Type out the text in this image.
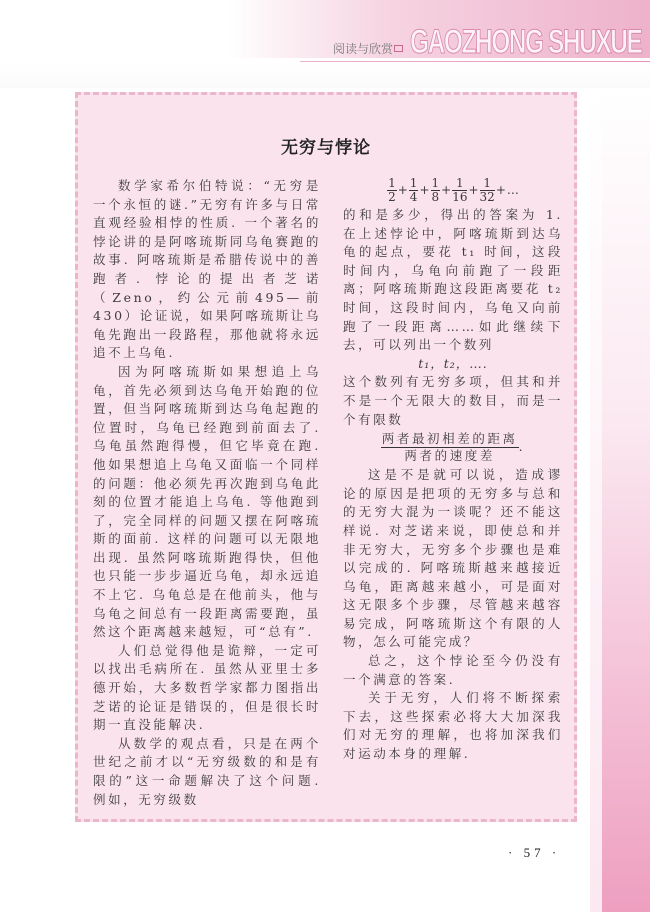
阅读与欣赏 GAOZHONG SHUXUE
无穷与悖论

数学家希尔伯特说：“无穷是一个永恒的谜.”无穷有许多与日常直观经验相悖的性质. 一个著名的悖论讲的是阿喀琉斯同乌龟赛跑的故事. 阿喀琉斯是希腊传说中的善跑者. 悖论的提出者芝诺（Zeno，约公元前495—前430）论证说，如果阿喀琉斯让乌龟先跑出一段路程，那他就将永远追不上乌龟.

因为阿喀琉斯如果想追上乌龟，首先必须到达乌龟开始跑的位置，但当阿喀琉斯到达乌龟起跑的位置时，乌龟已经跑到前面去了. 乌龟虽然跑得慢，但它毕竟在跑. 他如果想追上乌龟又面临一个同样的问题：他必须先再次跑到乌龟此刻的位置才能追上乌龟. 等他跑到了，完全同样的问题又摆在阿喀琉斯的面前. 这样的问题可以无限地出现. 虽然阿喀琉斯跑得快，但他也只能一步步逼近乌龟，却永远追不上它. 乌龟总是在他前头，他与乌龟之间总有一段距离需要跑，虽然这个距离越来越短，可“总有”.

人们总觉得他是诡辩，一定可以找出毛病所在. 虽然从亚里士多德开始，大多数哲学家都力图指出芝诺的论证是错误的，但是很长时期一直没能解决.

从数学的观点看，只是在两个世纪之前才以“无穷级数的和是有限的”这一命题解决了这个问题. 例如，无穷级数

$\frac{1}{2} + \frac{1}{4} + \frac{1}{8} + \frac{1}{16} + \frac{1}{32}$ +…

的和是多少，得出的答案为 1. 在上述悖论中，阿喀琉斯到达乌龟的起点，要花 t₁ 时间，这段时间内，乌龟向前跑了一段距离；阿喀琉斯跑这段距离要花 t₂ 时间，这段时间内，乌龟又向前跑了一段距离……如此继续下去，可以列出一个数列

t₁，t₂，….

这个数列有无穷多项，但其和并不是一个无限大的数目，而是一个有限数

$\frac{\text{两者最初相差的距离}}{\text{两者的速度差}}$ .

这是不是就可以说，造成谬论的原因是把项的无穷多与总和的无穷大混为一谈呢？还不能这样说. 对芝诺来说，即使总和并非无穷大，无穷多个步骤也是难以完成的. 阿喀琉斯越来越接近乌龟，距离越来越小，可是面对这无限多个步骤，尽管越来越容易完成，阿喀琉斯这个有限的人物，怎么可能完成？

总之，这个悖论至今仍没有一个满意的答案.

关于无穷，人们将不断探索下去，这些探索必将大大加深我们对无穷的理解，也将加深我们对运动本身的理解.

· 57 ·
